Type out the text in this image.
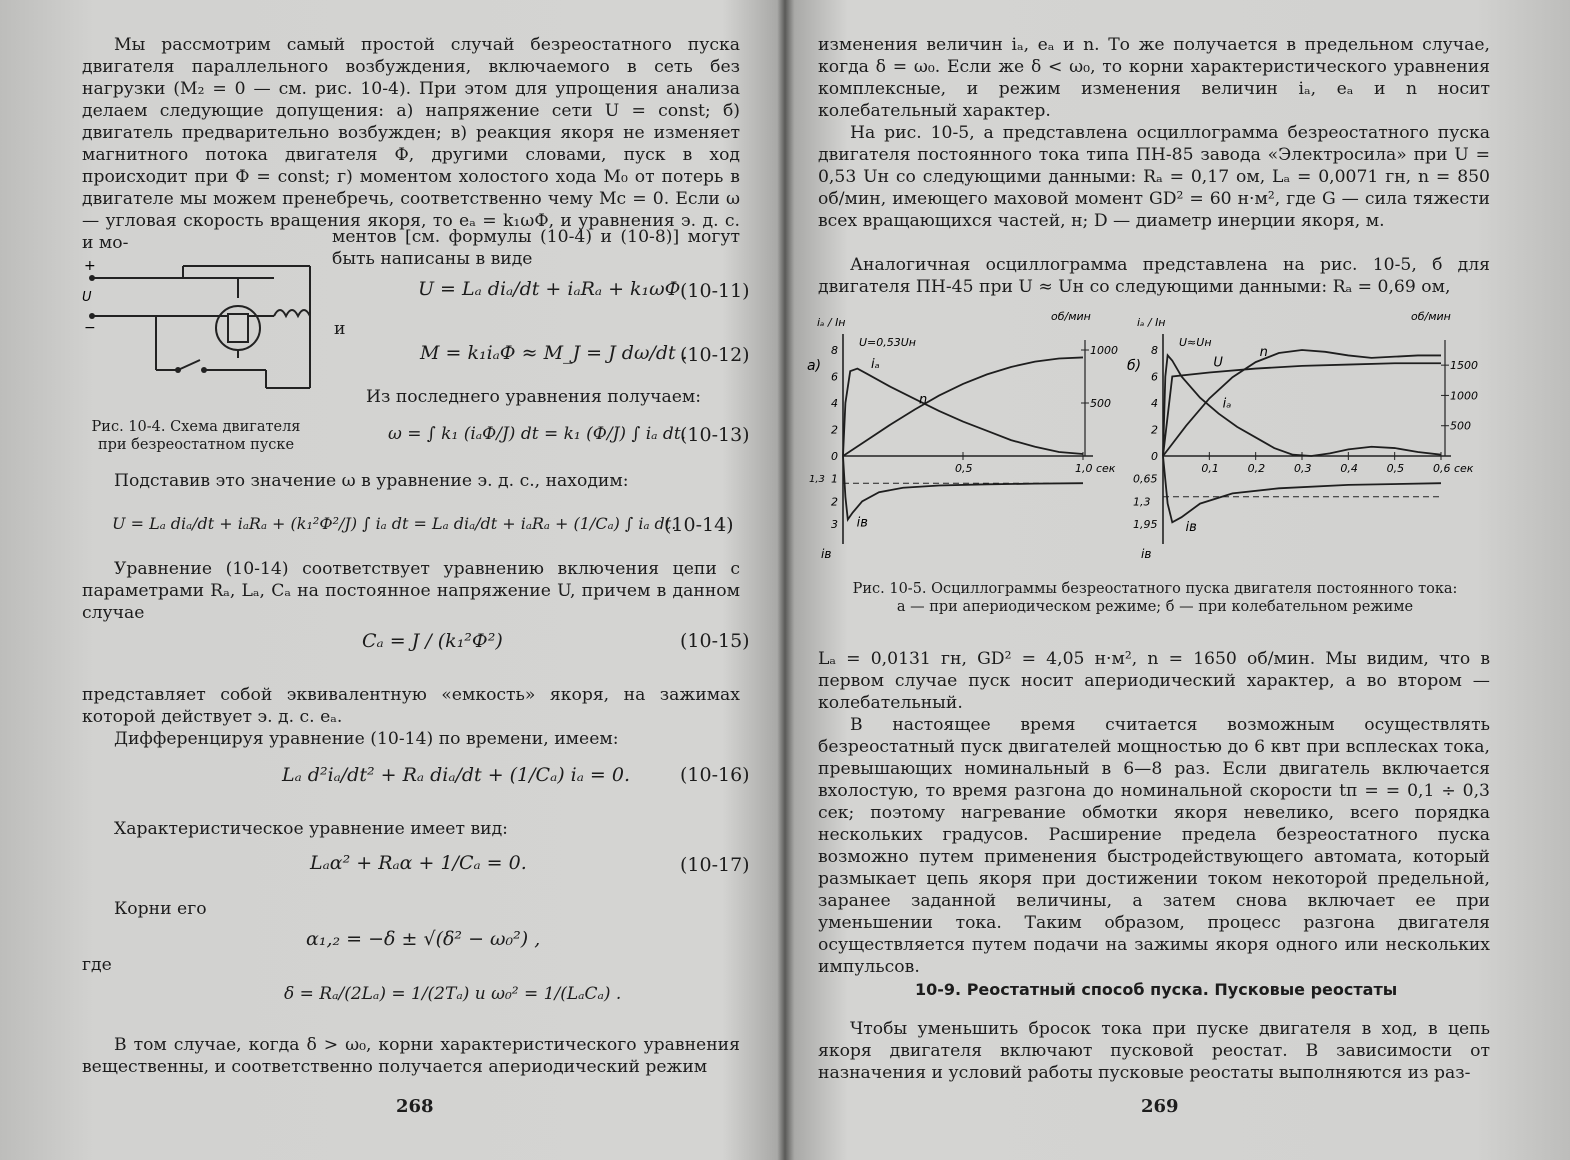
Мы рассмотрим самый простой случай безреостатного пуска двигателя параллельного возбуждения, включаемого в сеть без нагрузки (M₂ = 0 — см. рис. 10-4). При этом для упрощения анализа делаем следующие допущения: а) напряжение сети U = const; б) двигатель предварительно возбужден; в) реакция якоря не изменяет магнитного потока двигателя Ф, другими словами, пуск в ход происходит при Ф = const; г) моментом холостого хода M₀ от потерь в двигателе мы можем пренебречь, соответственно чему Mс = 0. Если ω — угловая скорость вращения якоря, то eₐ = k₁ωФ, и уравнения э. д. с. и мо-	ментов [см. формулы (10-4) и (10-8)] могут быть написаны в виде

+
U
−
Рис. 10-4. Схема двигателя при безреостатном пуске
U = Lₐ diₐ/dt + iₐRₐ + k₁ωФ (10-11)
и
M = k₁iₐФ ≈ M_J = J dω/dt .
(10-12)
Из последнего уравнения получаем:
ω = ∫ k₁ (iₐФ/J) dt = k₁ (Ф/J) ∫ iₐ dt.
(10-13)

Подставив это значение ω в уравнение э. д. с., находим:

U = Lₐ diₐ/dt + iₐRₐ + (k₁²Ф²/J) ∫ iₐ dt = Lₐ diₐ/dt + iₐRₐ + (1/Cₐ) ∫ iₐ dt.
(10-14)

Уравнение (10-14) соответствует уравнению включения цепи с параметрами Rₐ, Lₐ, Cₐ на постоянное напряжение U, причем в данном случае

Cₐ = J / (k₁²Ф²)	(10-15)

представляет собой эквивалентную «емкость» якоря, на зажимах которой действует э. д. с. eₐ.

Дифференцируя уравнение (10-14) по времени, имеем:

Lₐ d²iₐ/dt² + Rₐ diₐ/dt + (1/Cₐ) iₐ = 0.	(10-16)

Характеристическое уравнение имеет вид:

Lₐα² + Rₐα + 1/Cₐ = 0.	(10-17)

Корни его

α₁,₂ = −δ ± √(δ² − ω₀²) ,

где

δ = Rₐ/(2Lₐ) = 1/(2Tₐ) и ω₀² = 1/(LₐCₐ) .

В том случае, когда δ > ω₀, корни характеристического уравнения вещественны, и соответственно получается апериодический режим

268

изменения величин iₐ, eₐ и n. То же получается в предельном случае, когда δ = ω₀. Если же δ < ω₀, то корни характеристического уравнения комплексные, и режим изменения величин iₐ, eₐ и n носит колебательный характер.

На рис. 10-5, а представлена осциллограмма безреостатного пуска двигателя постоянного тока типа ПН-85 завода «Электросила» при U = 0,53 Uн со следующими данными: Rₐ = 0,17 ом, Lₐ = 0,0071 гн, n = 850 об/мин, имеющего маховой момент GD² = 60 н·м², где G — сила тяжести всех вращающихся частей, н; D — диаметр инерции якоря, м.

Аналогичная осциллограмма представлена на рис. 10-5, б для двигателя ПН-45 при U ≈ Uн со следующими данными: Rₐ = 0,69 ом,

а)
U=0,53Uн
iₐ / Iн
iв
об/мин
8
6
4
2
0
1
2
3
1000
500
0,5	1,0 сек
1,3
iₐ
n
iв
б)
U≈Uн
iₐ / Iн
iв
об/мин
8
6
4
2
0
0,65
1,3
1,95
1500
1000
500
0,1	0,2	0,3	0,4	0,5	0,6 сек
iₐ
n
U
iв
Рис. 10-5. Осциллограммы безреостатного пуска двигателя постоянного тока:
а — при апериодическом режиме; б — при колебательном режиме

Lₐ = 0,0131 гн, GD² = 4,05 н·м², n = 1650 об/мин. Мы видим, что в первом случае пуск носит апериодический характер, а во втором — колебательный.

В настоящее время считается возможным осуществлять безреостатный пуск двигателей мощностью до 6 квт при всплесках тока, превышающих номинальный в 6—8 раз. Если двигатель включается вхолостую, то время разгона до номинальной скорости tп = = 0,1 ÷ 0,3 сек; поэтому нагревание обмотки якоря невелико, всего порядка нескольких градусов. Расширение предела безреостатного пуска возможно путем применения быстродействующего автомата, который размыкает цепь якоря при достижении током некоторой предельной, заранее заданной величины, а затем снова включает ее при уменьшении тока. Таким образом, процесс разгона двигателя осуществляется путем подачи на зажимы якоря одного или нескольких импульсов.

10-9. Реостатный способ пуска. Пусковые реостаты

Чтобы уменьшить бросок тока при пуске двигателя в ход, в цепь якоря двигателя включают пусковой реостат. В зависимости от назначения и условий работы пусковые реостаты выполняются из раз-

269
